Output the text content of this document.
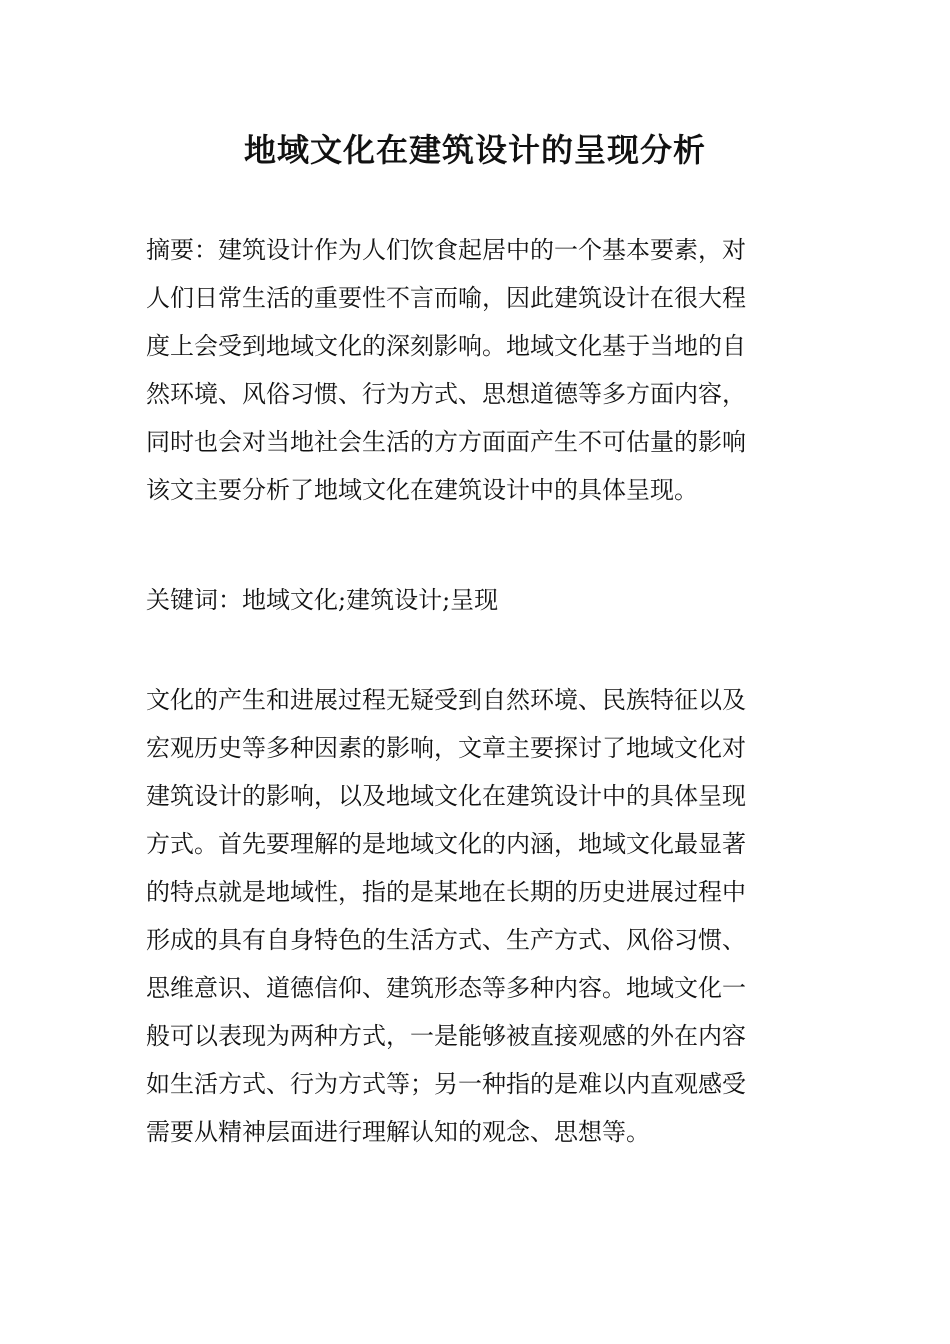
地域文化在建筑设计的呈现分析
摘要：建筑设计作为人们饮食起居中的一个基本要素，对
人们日常生活的重要性不言而喻，因此建筑设计在很大程
度上会受到地域文化的深刻影响。地域文化基于当地的自
然环境、风俗习惯、行为方式、思想道德等多方面内容，
同时也会对当地社会生活的方方面面产生不可估量的影响
该文主要分析了地域文化在建筑设计中的具体呈现。
关键词：地域文化;建筑设计;呈现
文化的产生和进展过程无疑受到自然环境、民族特征以及
宏观历史等多种因素的影响，文章主要探讨了地域文化对
建筑设计的影响，以及地域文化在建筑设计中的具体呈现
方式。首先要理解的是地域文化的内涵，地域文化最显著
的特点就是地域性，指的是某地在长期的历史进展过程中
形成的具有自身特色的生活方式、生产方式、风俗习惯、
思维意识、道德信仰、建筑形态等多种内容。地域文化一
般可以表现为两种方式，一是能够被直接观感的外在内容
如生活方式、行为方式等；另一种指的是难以内直观感受
需要从精神层面进行理解认知的观念、思想等。
